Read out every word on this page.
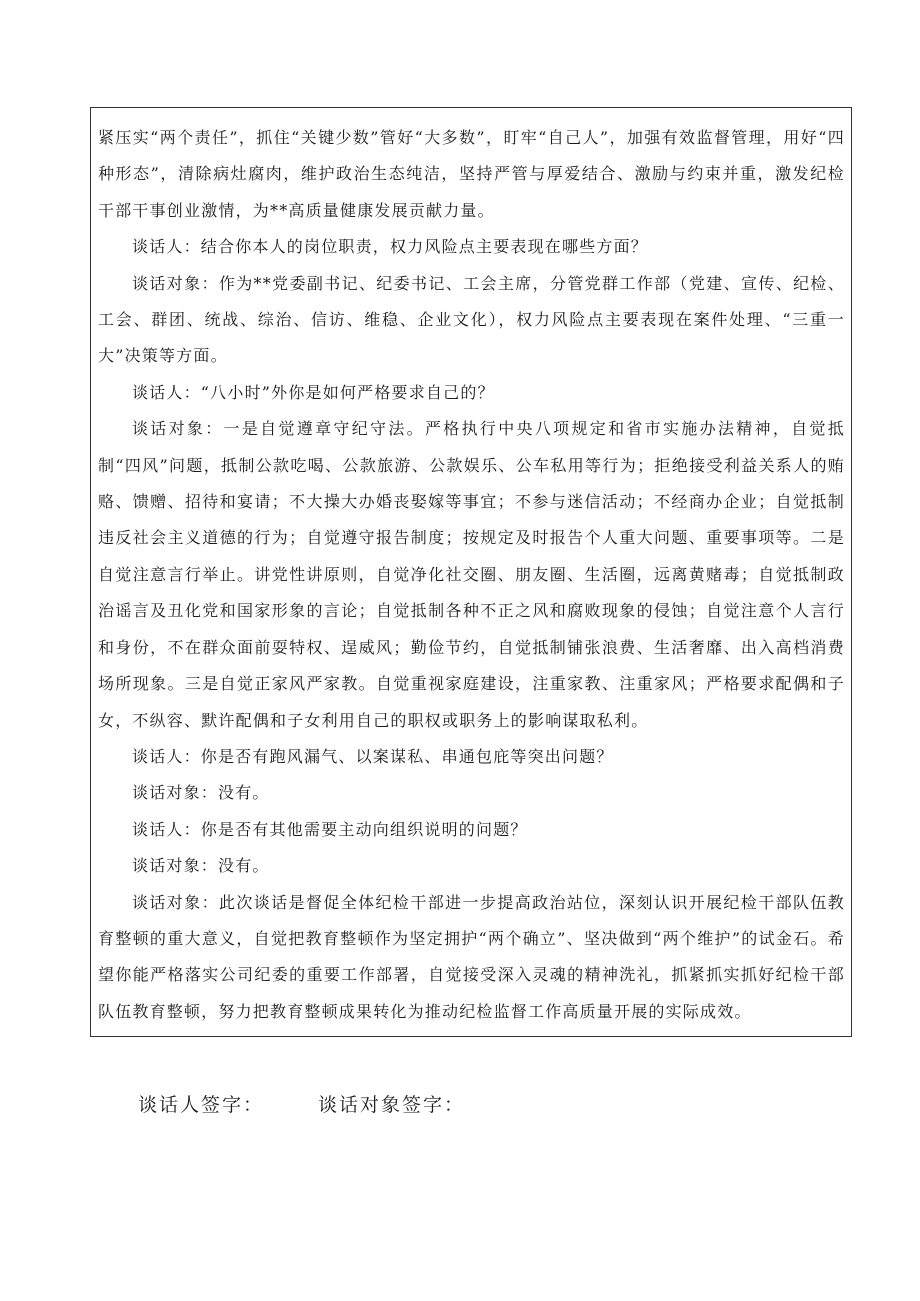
紧压实“两个责任”，抓住“关键少数”管好“大多数”，盯牢“自己人”，加强有效监督管理，用好“四种形态”，清除病灶腐肉，维护政治生态纯洁，坚持严管与厚爱结合、激励与约束并重，激发纪检干部干事创业激情，为**高质量健康发展贡献力量。

谈话人：结合你本人的岗位职责，权力风险点主要表现在哪些方面？

谈话对象：作为**党委副书记、纪委书记、工会主席，分管党群工作部（党建、宣传、纪检、工会、群团、统战、综治、信访、维稳、企业文化），权力风险点主要表现在案件处理、“三重一大”决策等方面。

谈话人：“八小时”外你是如何严格要求自己的？

谈话对象：一是自觉遵章守纪守法。严格执行中央八项规定和省市实施办法精神，自觉抵制“四风”问题，抵制公款吃喝、公款旅游、公款娱乐、公车私用等行为；拒绝接受利益关系人的贿赂、馈赠、招待和宴请；不大操大办婚丧娶嫁等事宜；不参与迷信活动；不经商办企业；自觉抵制违反社会主义道德的行为；自觉遵守报告制度；按规定及时报告个人重大问题、重要事项等。二是自觉注意言行举止。讲党性讲原则，自觉净化社交圈、朋友圈、生活圈，远离黄赌毒；自觉抵制政治谣言及丑化党和国家形象的言论；自觉抵制各种不正之风和腐败现象的侵蚀；自觉注意个人言行和身份，不在群众面前耍特权、逞威风；勤俭节约，自觉抵制铺张浪费、生活奢靡、出入高档消费场所现象。三是自觉正家风严家教。自觉重视家庭建设，注重家教、注重家风；严格要求配偶和子女，不纵容、默许配偶和子女利用自己的职权或职务上的影响谋取私利。

谈话人：你是否有跑风漏气、以案谋私、串通包庇等突出问题？

谈话对象：没有。

谈话人：你是否有其他需要主动向组织说明的问题？

谈话对象：没有。

谈话对象：此次谈话是督促全体纪检干部进一步提高政治站位，深刻认识开展纪检干部队伍教育整顿的重大意义，自觉把教育整顿作为坚定拥护“两个确立”、坚决做到“两个维护”的试金石。希望你能严格落实公司纪委的重要工作部署，自觉接受深入灵魂的精神洗礼，抓紧抓实抓好纪检干部队伍教育整顿，努力把教育整顿成果转化为推动纪检监督工作高质量开展的实际成效。

谈话人签字：	谈话对象签字：
